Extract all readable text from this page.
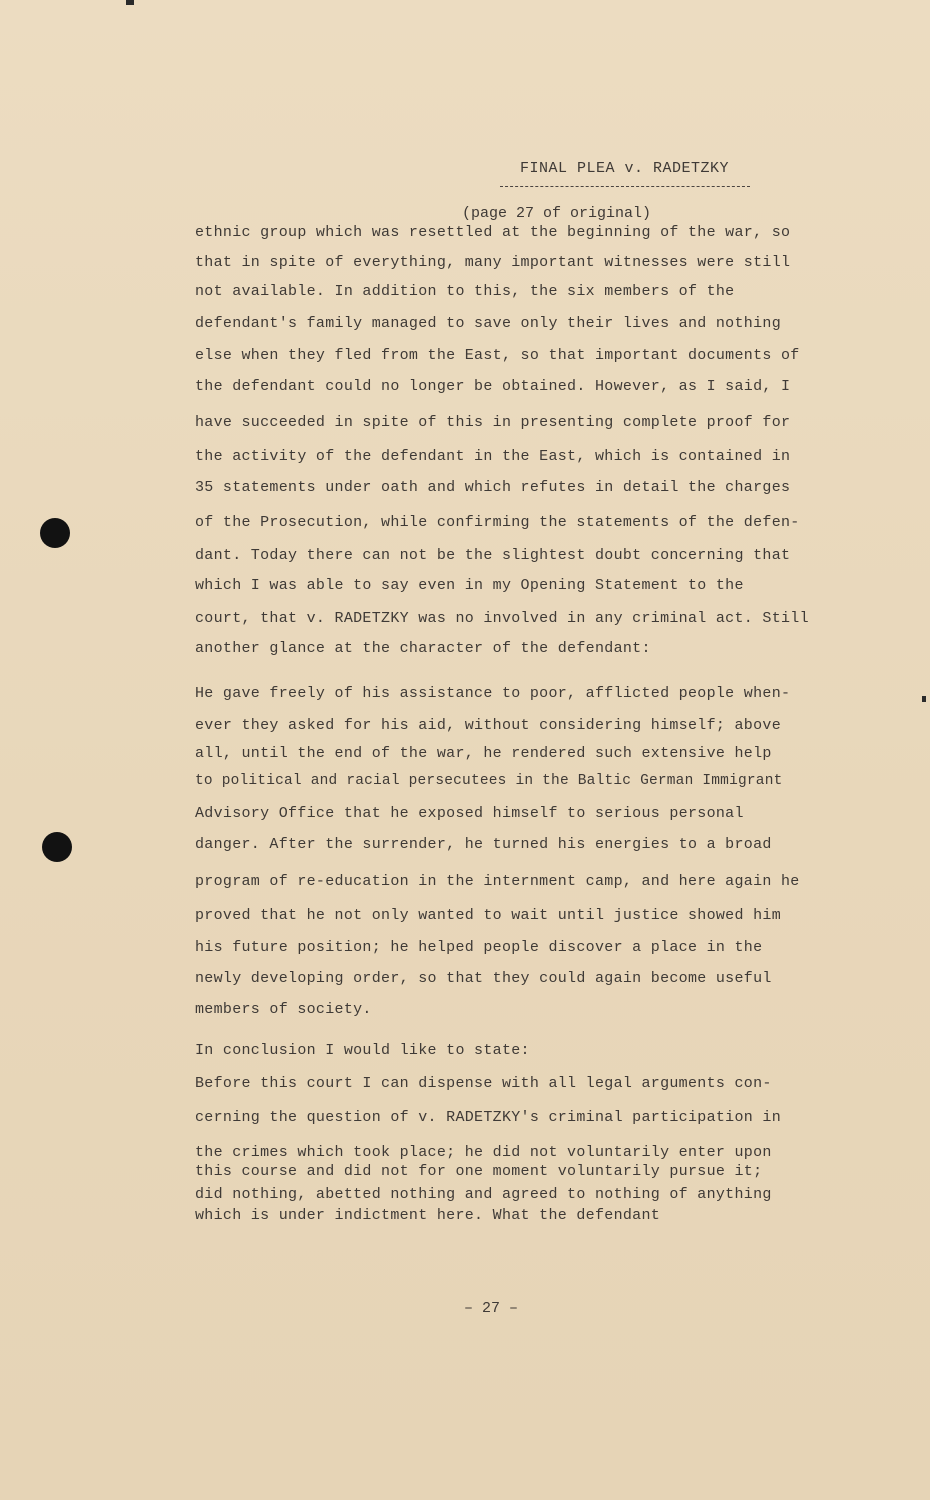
FINAL PLEA v. RADETZKY
(page 27 of original)
ethnic group which was resettled at the beginning of the war, so
that in spite of everything, many important witnesses were still
not available. In addition to this, the six members of the
defendant's family managed to save only their lives and nothing
else when they fled from the East, so that important documents of
the defendant could no longer be obtained. However, as I said, I
have succeeded in spite of this in presenting complete proof for
the activity of the defendant in the East, which is contained in
35 statements under oath and which refutes in detail the charges
of the Prosecution, while confirming the statements of the defen-
dant. Today there can not be the slightest doubt concerning that
which I was able to say even in my Opening Statement to the
court, that v. RADETZKY was no involved in any criminal act. Still
another glance at the character of the defendant:
He gave freely of his assistance to poor, afflicted people when-
ever they asked for his aid, without considering himself; above
all, until the end of the war, he rendered such extensive help
to political and racial persecutees in the Baltic German Immigrant
Advisory Office that he exposed himself to serious personal
danger. After the surrender, he turned his energies to a broad
program of re-education in the internment camp, and here again he
proved that he not only wanted to wait until justice showed him
his future position; he helped people discover a place in the
newly developing order, so that they could again become useful
members of society.
In conclusion I would like to state:
Before this court I can dispense with all legal arguments con-
cerning the question of v. RADETZKY's criminal participation in
the crimes which took place; he did not voluntarily enter upon
this course and did not for one moment voluntarily pursue it;
did nothing, abetted nothing and agreed to nothing of anything
which is under indictment here. What the defendant
– 27 –
